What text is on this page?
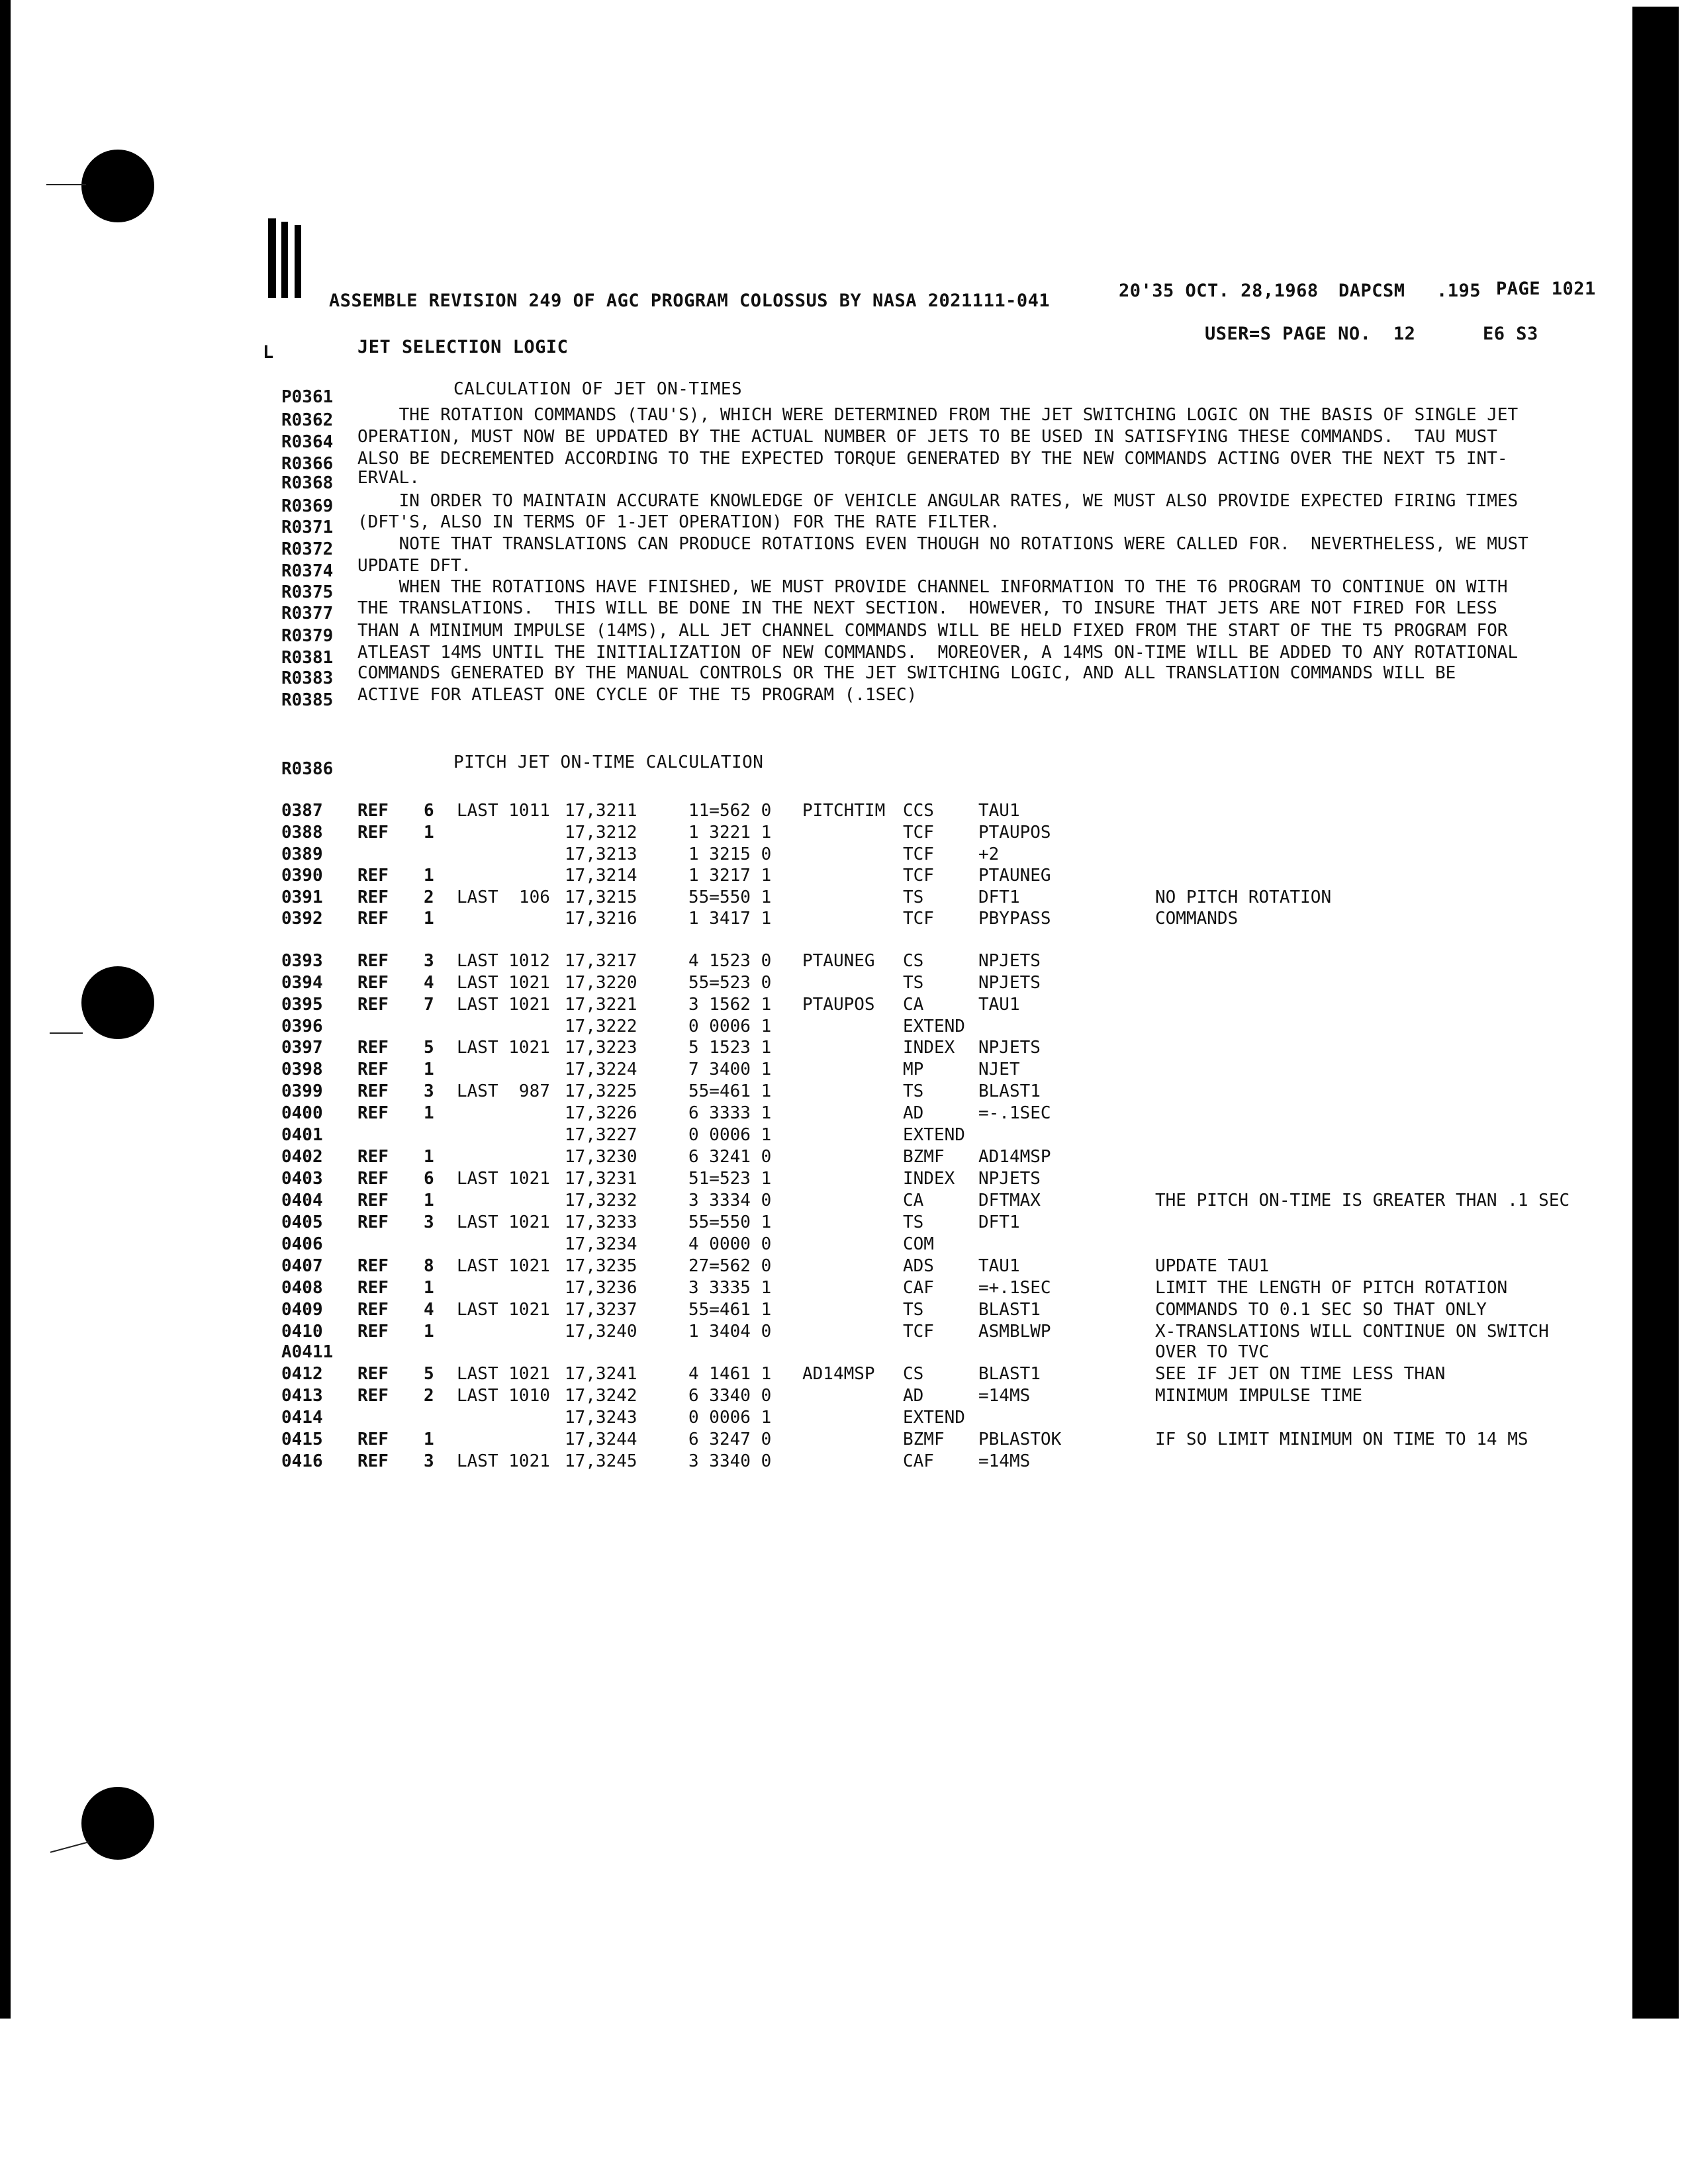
ASSEMBLE REVISION 249 OF AGC PROGRAM COLOSSUS BY NASA 2021111-041	20'35 OCT. 28,1968 DAPCSM .195 PAGE 1021
L	JET SELECTION LOGIC
USER=S PAGE NO.  12	E6 S3
P0361	CALCULATION OF JET ON-TIMES
R0362	THE ROTATION COMMANDS (TAU'S), WHICH WERE DETERMINED FROM THE JET SWITCHING LOGIC ON THE BASIS OF SINGLE JET
R0364	OPERATION, MUST NOW BE UPDATED BY THE ACTUAL NUMBER OF JETS TO BE USED IN SATISFYING THESE COMMANDS.  TAU MUST
R0366	ALSO BE DECREMENTED ACCORDING TO THE EXPECTED TORQUE GENERATED BY THE NEW COMMANDS ACTING OVER THE NEXT T5 INT-
R0368	ERVAL.
R0369	IN ORDER TO MAINTAIN ACCURATE KNOWLEDGE OF VEHICLE ANGULAR RATES, WE MUST ALSO PROVIDE EXPECTED FIRING TIMES
R0371	(DFT'S, ALSO IN TERMS OF 1-JET OPERATION) FOR THE RATE FILTER.
R0372	NOTE THAT TRANSLATIONS CAN PRODUCE ROTATIONS EVEN THOUGH NO ROTATIONS WERE CALLED FOR.  NEVERTHELESS, WE MUST
R0374	UPDATE DFT.
R0375	WHEN THE ROTATIONS HAVE FINISHED, WE MUST PROVIDE CHANNEL INFORMATION TO THE T6 PROGRAM TO CONTINUE ON WITH
R0377	THE TRANSLATIONS.  THIS WILL BE DONE IN THE NEXT SECTION.  HOWEVER, TO INSURE THAT JETS ARE NOT FIRED FOR LESS
R0379	THAN A MINIMUM IMPULSE (14MS), ALL JET CHANNEL COMMANDS WILL BE HELD FIXED FROM THE START OF THE T5 PROGRAM FOR
R0381	ATLEAST 14MS UNTIL THE INITIALIZATION OF NEW COMMANDS.  MOREOVER, A 14MS ON-TIME WILL BE ADDED TO ANY ROTATIONAL
R0383	COMMANDS GENERATED BY THE MANUAL CONTROLS OR THE JET SWITCHING LOGIC, AND ALL TRANSLATION COMMANDS WILL BE
R0385	ACTIVE FOR ATLEAST ONE CYCLE OF THE T5 PROGRAM (.1SEC)
R0386	PITCH JET ON-TIME CALCULATION
0387 REF 6 LAST 1011 17,3211	11=562 0 PITCHTIM CCS	TAU1
0388 REF 1	17,3212	1 3221 1	TCF	PTAUPOS
0389	17,3213	1 3215 0	TCF	+2
0390 REF 1	17,3214	1 3217 1	TCF	PTAUNEG
0391 REF 2 LAST  106 17,3215	55=550 1	TS	DFT1	NO PITCH ROTATION
0392 REF 1	17,3216	1 3417 1	TCF	PBYPASS	COMMANDS
0393 REF 3 LAST 1012 17,3217	4 1523 0 PTAUNEG CS	NPJETS
0394 REF 4 LAST 1021 17,3220	55=523 0	TS	NPJETS
0395 REF 7 LAST 1021 17,3221	3 1562 1 PTAUPOS CA	TAU1
0396	17,3222	0 0006 1	EXTEND
0397 REF 5 LAST 1021 17,3223	5 1523 1	INDEX NPJETS
0398 REF 1	17,3224	7 3400 1	MP	NJET
0399 REF 3 LAST  987 17,3225	55=461 1	TS	BLAST1
0400 REF 1	17,3226	6 3333 1	AD	=-.1SEC
0401	17,3227	0 0006 1	EXTEND
0402 REF 1	17,3230	6 3241 0	BZMF AD14MSP
0403 REF 6 LAST 1021 17,3231	51=523 1	INDEX NPJETS
0404 REF 1	17,3232	3 3334 0	CA	DFTMAX	THE PITCH ON-TIME IS GREATER THAN .1 SEC
0405 REF 3 LAST 1021 17,3233	55=550 1	TS	DFT1
0406	17,3234	4 0000 0	COM
0407 REF 8 LAST 1021 17,3235	27=562 0	ADS	TAU1	UPDATE TAU1
0408 REF 1	17,3236	3 3335 1	CAF	=+.1SEC	LIMIT THE LENGTH OF PITCH ROTATION
0409 REF 4 LAST 1021 17,3237	55=461 1	TS	BLAST1	COMMANDS TO 0.1 SEC SO THAT ONLY
0410 REF 1	17,3240	1 3404 0	TCF	ASMBLWP	X-TRANSLATIONS WILL CONTINUE ON SWITCH
A0411	OVER TO TVC
0412 REF 5 LAST 1021 17,3241	4 1461 1 AD14MSP CS	BLAST1	SEE IF JET ON TIME LESS THAN
0413 REF 2 LAST 1010 17,3242	6 3340 0	AD	=14MS	MINIMUM IMPULSE TIME
0414	17,3243	0 0006 1	EXTEND
0415 REF 1	17,3244	6 3247 0	BZMF PBLASTOK	IF SO LIMIT MINIMUM ON TIME TO 14 MS
0416 REF 3 LAST 1021 17,3245	3 3340 0	CAF	=14MS
